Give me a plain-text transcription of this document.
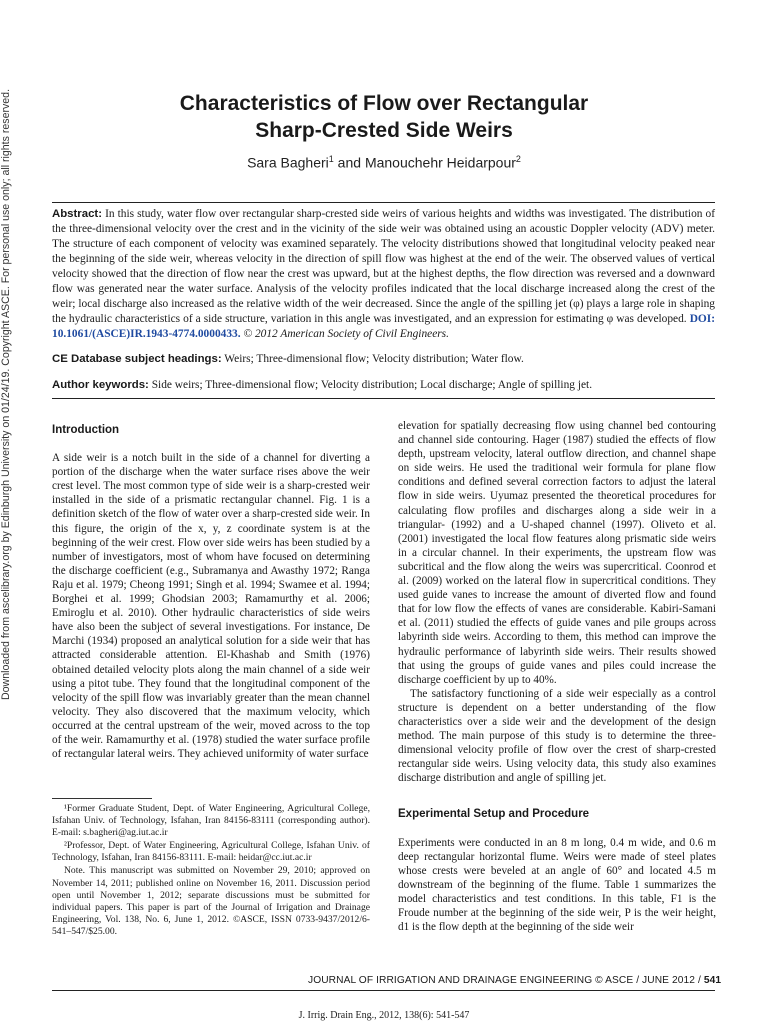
Downloaded from ascelibrary.org by Edinburgh University on 01/24/19. Copyright ASCE. For personal use only; all rights reserved.	Characteristics of Flow over Rectangular
Sharp-Crested Side Weirs
Sara Bagheri$^1$ and Manouchehr Heidarpour$^2$
Abstract: In this study, water flow over rectangular sharp-crested side weirs of various heights and widths was investigated. The distribution of the three-dimensional velocity over the crest and in the vicinity of the side weir was obtained using an acoustic Doppler velocity (ADV) meter. The structure of each component of velocity was examined separately. The velocity distributions showed that longitudinal velocity peaked near the beginning of the side weir, whereas velocity in the direction of spill flow was highest at the end of the weir. The observed values of vertical velocity showed that the direction of flow near the crest was upward, but at the highest depths, the flow direction was reversed and a downward flow was generated near the water surface. Analysis of the velocity profiles indicated that the local discharge increased along the crest of the weir; local discharge also increased as the relative width of the weir decreased. Since the angle of the spilling jet (φ) plays a large role in shaping the hydraulic characteristics of a side structure, variation in this angle was investigated, and an expression for estimating φ was developed. DOI: 10.1061/(ASCE)IR.1943-4774.0000433. © 2012 American Society of Civil Engineers.
CE Database subject headings: Weirs; Three-dimensional flow; Velocity distribution; Water flow.
Author keywords: Side weirs; Three-dimensional flow; Velocity distribution; Local discharge; Angle of spilling jet.
Introduction

A side weir is a notch built in the side of a channel for diverting a portion of the discharge when the water surface rises above the weir crest level. The most common type of side weir is a sharp-crested weir installed in the side of a prismatic rectangular channel. Fig. 1 is a definition sketch of the flow of water over a sharp-crested side weir. In this figure, the origin of the x, y, z coordinate system is at the beginning of the weir crest. Flow over side weirs has been studied by a number of investigators, most of whom have focused on determining the discharge coefficient (e.g., Subramanya and Awasthy 1972; Ranga Raju et al. 1979; Cheong 1991; Singh et al. 1994; Swamee et al. 1994; Borghei et al. 1999; Ghodsian 2003; Ramamurthy et al. 2006; Emiroglu et al. 2010). Other hydraulic characteristics of side weirs have also been the subject of several investigations. For instance, De Marchi (1934) proposed an analytical solution for a side weir that has attracted considerable attention. El-Khashab and Smith (1976) obtained detailed velocity plots along the main channel of a side weir using a pitot tube. They found that the longitudinal component of the velocity of the spill flow was invariably greater than the mean channel velocity. They also discovered that the maximum velocity, which occurred at the central upstream of the weir, moved across to the top of the weir. Ramamurthy et al. (1978) studied the water surface profile of rectangular lateral weirs. They achieved uniformity of water surface

¹Former Graduate Student, Dept. of Water Engineering, Agricultural College, Isfahan Univ. of Technology, Isfahan, Iran 84156-83111 (corresponding author). E-mail: s.bagheri@ag.iut.ac.ir

²Professor, Dept. of Water Engineering, Agricultural College, Isfahan Univ. of Technology, Isfahan, Iran 84156-83111. E-mail: heidar@cc.iut.ac.ir

Note. This manuscript was submitted on November 29, 2010; approved on November 14, 2011; published online on November 16, 2011. Discussion period open until November 1, 2012; separate discussions must be submitted for individual papers. This paper is part of the Journal of Irrigation and Drainage Engineering, Vol. 138, No. 6, June 1, 2012. ©ASCE, ISSN 0733-9437/2012/6-541–547/$25.00.

elevation for spatially decreasing flow using channel bed contouring and channel side contouring. Hager (1987) studied the effects of flow depth, upstream velocity, lateral outflow direction, and channel shape on side weirs. He used the traditional weir formula for plane flow conditions and defined several correction factors to adjust the lateral flow in side weirs. Uyumaz presented the theoretical procedures for calculating flow profiles and discharges along a side weir in a triangular- (1992) and a U-shaped channel (1997). Oliveto et al. (2001) investigated the local flow features along prismatic side weirs in a circular channel. In their experiments, the upstream flow was subcritical and the flow along the weirs was supercritical. Coonrod et al. (2009) worked on the lateral flow in supercritical conditions. They used guide vanes to increase the amount of diverted flow and found that for low flow the effects of vanes are considerable. Kabiri-Samani et al. (2011) studied the effects of guide vanes and pile groups across labyrinth side weirs. According to them, this method can improve the hydraulic performance of labyrinth side weirs. Their results showed that using the groups of guide vanes and piles could increase the discharge coefficient by up to 40%.

The satisfactory functioning of a side weir especially as a control structure is dependent on a better understanding of the flow characteristics over a side weir and the development of the design method. The main purpose of this study is to determine the three-dimensional velocity profile of flow over the crest of sharp-crested rectangular side weirs. Using velocity data, this study also examines discharge distribution and angle of spilling jet.

Experimental Setup and Procedure

Experiments were conducted in an 8 m long, 0.4 m wide, and 0.6 m deep rectangular horizontal flume. Weirs were made of steel plates whose crests were beveled at an angle of 60° and located 4.5 m downstream of the beginning of the flume. Table 1 summarizes the model characteristics and test conditions. In this table, F1 is the Froude number at the beginning of the side weir, P is the weir height, d1 is the flow depth at the beginning of the side weir

JOURNAL OF IRRIGATION AND DRAINAGE ENGINEERING © ASCE / JUNE 2012 / 541
J. Irrig. Drain Eng., 2012, 138(6): 541-547
